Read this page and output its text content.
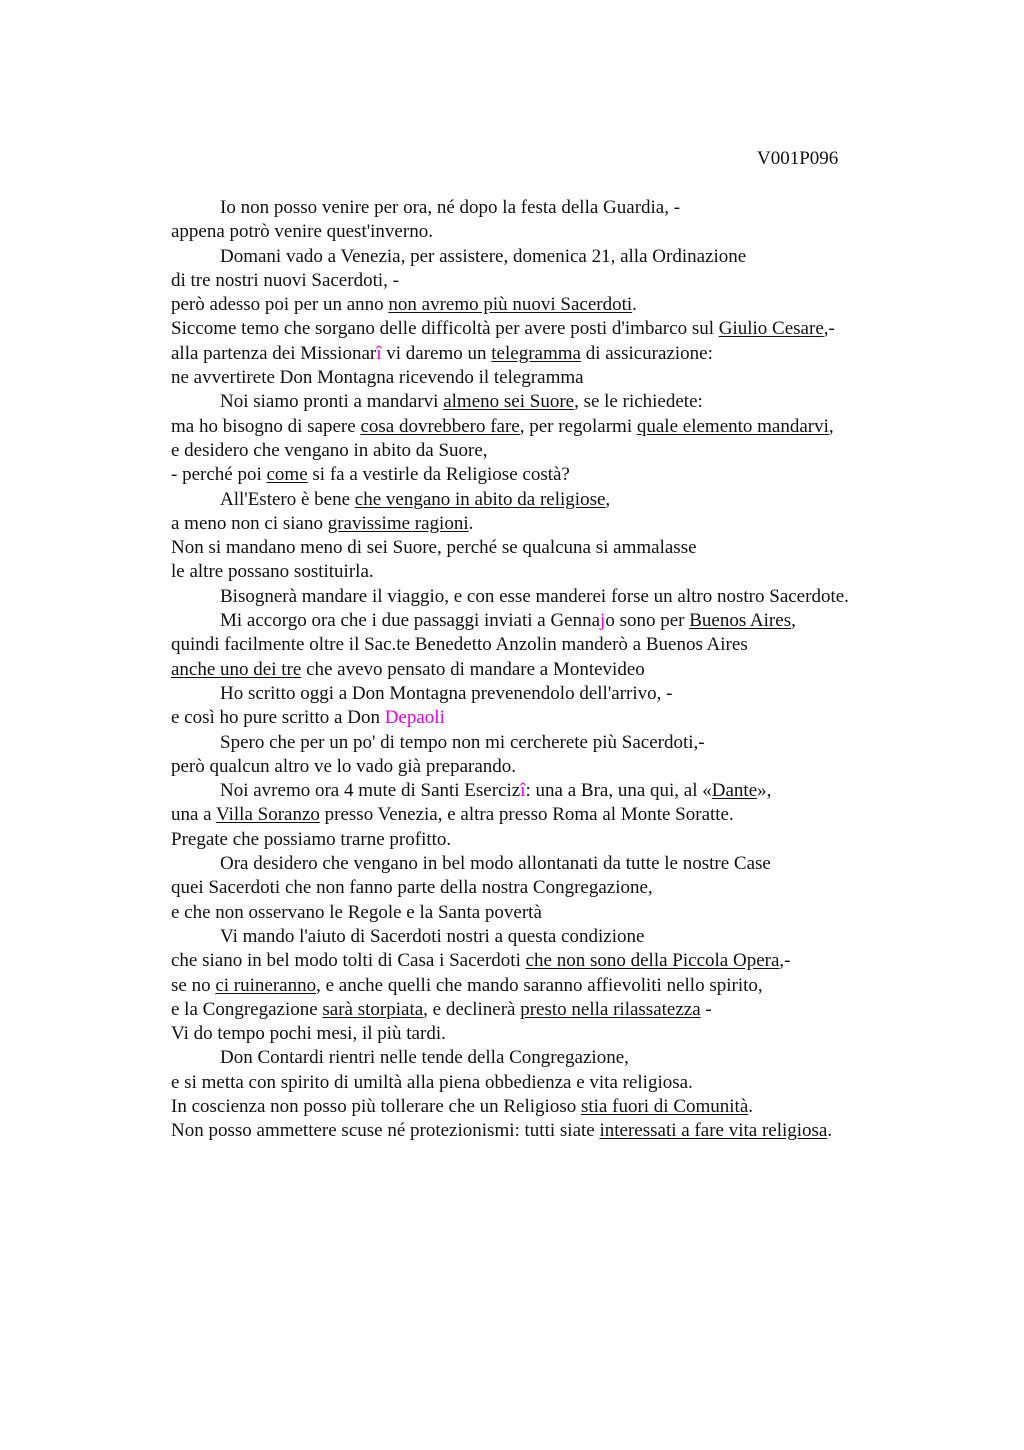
V001P096
Io non posso venire per ora, né dopo la festa della Guardia, -
appena potrò venire quest'inverno.
Domani vado a Venezia, per assistere, domenica 21, alla Ordinazione
di tre nostri nuovi Sacerdoti, -
però adesso poi per un anno non avremo più nuovi Sacerdoti.
Siccome temo che sorgano delle difficoltà per avere posti d'imbarco sul Giulio Cesare,-
alla partenza dei Missionarî vi daremo un telegramma di assicurazione:
ne avvertirete Don Montagna ricevendo il telegramma
Noi siamo pronti a mandarvi almeno sei Suore, se le richiedete:
ma ho bisogno di sapere cosa dovrebbero fare, per regolarmi quale elemento mandarvi,
e desidero che vengano in abito da Suore,
- perché poi come si fa a vestirle da Religiose costà?
All'Estero è bene che vengano in abito da religiose,
a meno non ci siano gravissime ragioni.
Non si mandano meno di sei Suore, perché se qualcuna si ammalasse
le altre possano sostituirla.
Bisognerà mandare il viaggio, e con esse manderei forse un altro nostro Sacerdote.
Mi accorgo ora che i due passaggi inviati a Gennajo sono per Buenos Aires,
quindi facilmente oltre il Sac.te Benedetto Anzolin manderò a Buenos Aires
anche uno dei tre che avevo pensato di mandare a Montevideo
Ho scritto oggi a Don Montagna prevenendolo dell'arrivo, -
e così ho pure scritto a Don Depaoli
Spero che per un po' di tempo non mi cercherete più Sacerdoti,-
però qualcun altro ve lo vado già preparando.
Noi avremo ora 4 mute di Santi Esercizî: una a Bra, una qui, al «Dante»,
una a Villa Soranzo presso Venezia, e altra presso Roma al Monte Soratte.
Pregate che possiamo trarne profitto.
Ora desidero che vengano in bel modo allontanati da tutte le nostre Case
quei Sacerdoti che non fanno parte della nostra Congregazione,
e che non osservano le Regole e la Santa povertà
Vi mando l'aiuto di Sacerdoti nostri a questa condizione
che siano in bel modo tolti di Casa i Sacerdoti che non sono della Piccola Opera,-
se no ci ruineranno, e anche quelli che mando saranno affievoliti nello spirito,
e la Congregazione sarà storpiata, e declinerà presto nella rilassatezza -
Vi do tempo pochi mesi, il più tardi.
Don Contardi rientri nelle tende della Congregazione,
e si metta con spirito di umiltà alla piena obbedienza e vita religiosa.
In coscienza non posso più tollerare che un Religioso stia fuori di Comunità.
Non posso ammettere scuse né protezionismi: tutti siate interessati a fare vita religiosa.
